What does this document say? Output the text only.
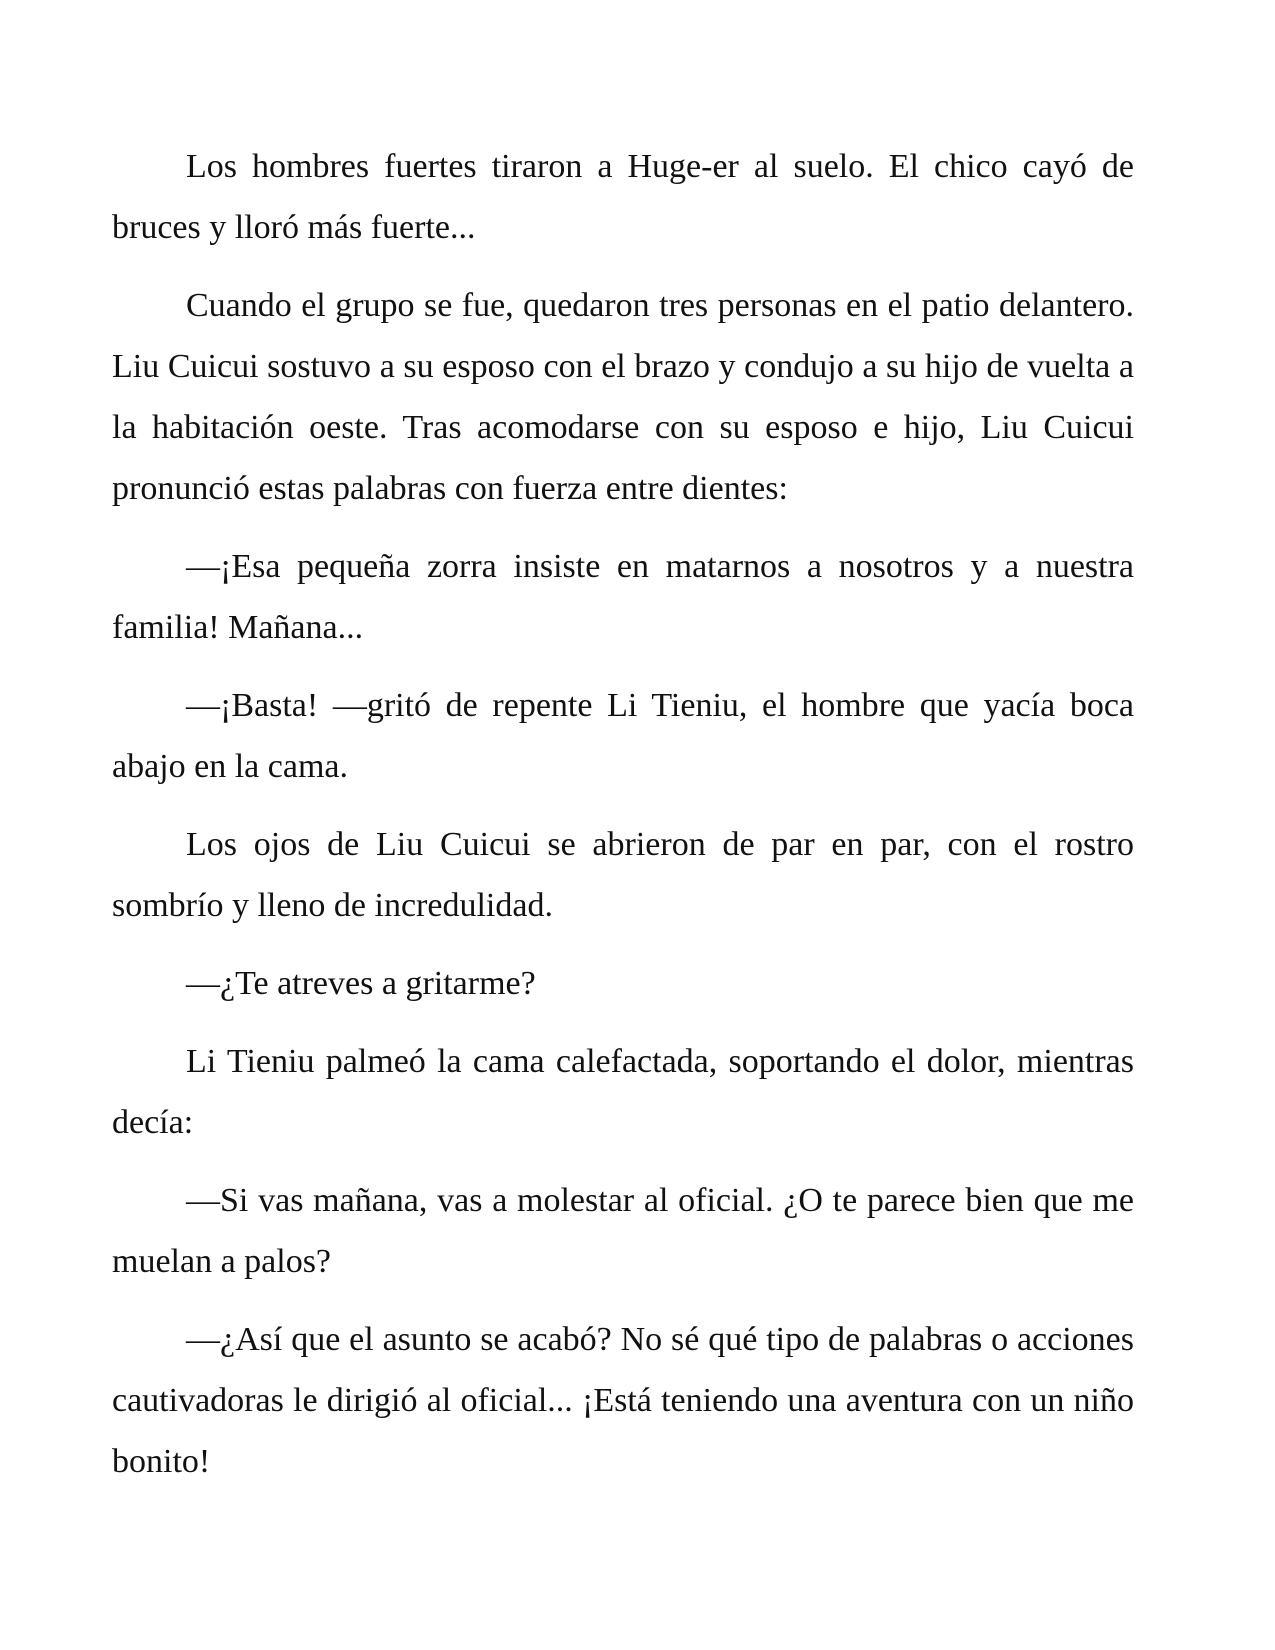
Los hombres fuertes tiraron a Huge-er al suelo. El chico cayó de bruces y lloró más fuerte...

Cuando el grupo se fue, quedaron tres personas en el patio delantero. Liu Cuicui sostuvo a su esposo con el brazo y condujo a su hijo de vuelta a la habitación oeste. Tras acomodarse con su esposo e hijo, Liu Cuicui pronunció estas palabras con fuerza entre dientes:

—¡Esa pequeña zorra insiste en matarnos a nosotros y a nuestra familia! Mañana...

—¡Basta! —gritó de repente Li Tieniu, el hombre que yacía boca abajo en la cama.

Los ojos de Liu Cuicui se abrieron de par en par, con el rostro sombrío y lleno de incredulidad.

—¿Te atreves a gritarme?

Li Tieniu palmeó la cama calefactada, soportando el dolor, mientras decía:

—Si vas mañana, vas a molestar al oficial. ¿O te parece bien que me muelan a palos?

—¿Así que el asunto se acabó? No sé qué tipo de palabras o acciones cautivadoras le dirigió al oficial... ¡Está teniendo una aventura con un niño bonito!
